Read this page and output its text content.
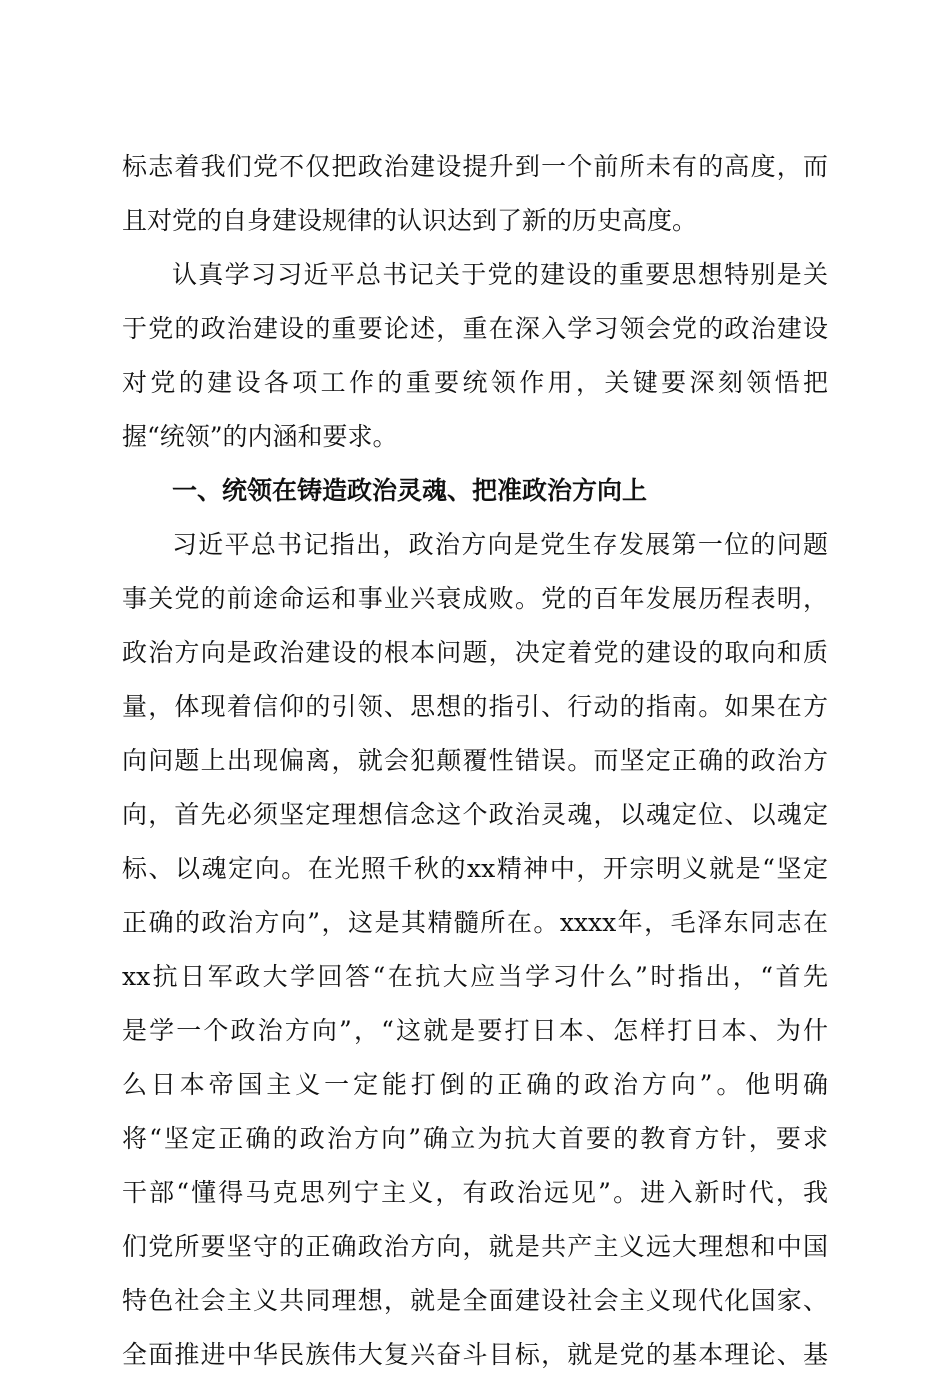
标志着我们党不仅把政治建设提升到一个前所未有的高度，而
且对党的自身建设规律的认识达到了新的历史高度。
认真学习习近平总书记关于党的建设的重要思想特别是关
于党的政治建设的重要论述，重在深入学习领会党的政治建设
对党的建设各项工作的重要统领作用，关键要深刻领悟把
握“统领”的内涵和要求。
一、统领在铸造政治灵魂、把准政治方向上
习近平总书记指出，政治方向是党生存发展第一位的问题
事关党的前途命运和事业兴衰成败。党的百年发展历程表明，
政治方向是政治建设的根本问题，决定着党的建设的取向和质
量，体现着信仰的引领、思想的指引、行动的指南。如果在方
向问题上出现偏离，就会犯颠覆性错误。而坚定正确的政治方
向，首先必须坚定理想信念这个政治灵魂，以魂定位、以魂定
标、以魂定向。在光照千秋的xx精神中，开宗明义就是“坚定
正确的政治方向”，这是其精髓所在。xxxx年，毛泽东同志在
xx抗日军政大学回答“在抗大应当学习什么”时指出，“首先
是学一个政治方向”，“这就是要打日本、怎样打日本、为什
么日本帝国主义一定能打倒的正确的政治方向”。他明确
将“坚定正确的政治方向”确立为抗大首要的教育方针，要求
干部“懂得马克思列宁主义，有政治远见”。进入新时代，我
们党所要坚守的正确政治方向，就是共产主义远大理想和中国
特色社会主义共同理想，就是全面建设社会主义现代化国家、
全面推进中华民族伟大复兴奋斗目标，就是党的基本理论、基
